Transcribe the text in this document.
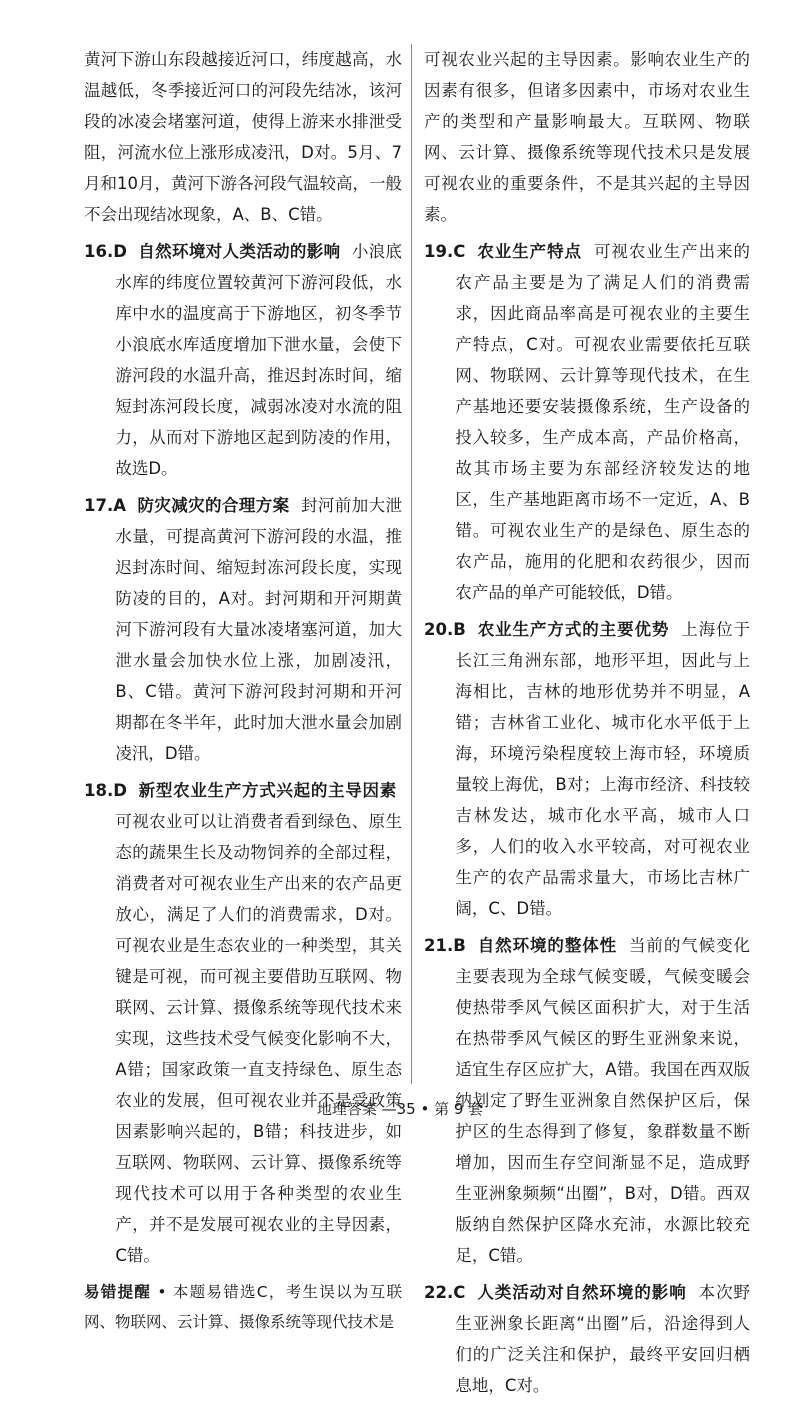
黄河下游山东段越接近河口，纬度越高，水温越低，冬季接近河口的河段先结冰，该河段的冰凌会堵塞河道，使得上游来水排泄受阻，河流水位上涨形成凌汛，D对。5月、7月和10月，黄河下游各河段气温较高，一般不会出现结冰现象，A、B、C错。

16.D 自然环境对人类活动的影响 小浪底水库的纬度位置较黄河下游河段低，水库中水的温度高于下游地区，初冬季节小浪底水库适度增加下泄水量，会使下游河段的水温升高，推迟封冻时间，缩短封冻河段长度，减弱冰凌对水流的阻力，从而对下游地区起到防凌的作用，故选D。

17.A 防灾减灾的合理方案 封河前加大泄水量，可提高黄河下游河段的水温，推迟封冻时间、缩短封冻河段长度，实现防凌的目的，A对。封河期和开河期黄河下游河段有大量冰凌堵塞河道，加大泄水量会加快水位上涨，加剧凌汛，B、C错。黄河下游河段封河期和开河期都在冬半年，此时加大泄水量会加剧凌汛，D错。

18.D 新型农业生产方式兴起的主导因素 可视农业可以让消费者看到绿色、原生态的蔬果生长及动物饲养的全部过程，消费者对可视农业生产出来的农产品更放心，满足了人们的消费需求，D对。可视农业是生态农业的一种类型，其关键是可视，而可视主要借助互联网、物联网、云计算、摄像系统等现代技术来实现，这些技术受气候变化影响不大，A错；国家政策一直支持绿色、原生态农业的发展，但可视农业并不是受政策因素影响兴起的，B错；科技进步，如互联网、物联网、云计算、摄像系统等现代技术可以用于各种类型的农业生产，并不是发展可视农业的主导因素，C错。

易错提醒 • 本题易错选C，考生误以为互联网、物联网、云计算、摄像系统等现代技术是

可视农业兴起的主导因素。影响农业生产的因素有很多，但诸多因素中，市场对农业生产的类型和产量影响最大。互联网、物联网、云计算、摄像系统等现代技术只是发展可视农业的重要条件，不是其兴起的主导因素。

19.C 农业生产特点 可视农业生产出来的农产品主要是为了满足人们的消费需求，因此商品率高是可视农业的主要生产特点，C对。可视农业需要依托互联网、物联网、云计算等现代技术，在生产基地还要安装摄像系统，生产设备的投入较多，生产成本高，产品价格高，故其市场主要为东部经济较发达的地区，生产基地距离市场不一定近，A、B错。可视农业生产的是绿色、原生态的农产品，施用的化肥和农药很少，因而农产品的单产可能较低，D错。

20.B 农业生产方式的主要优势 上海位于长江三角洲东部，地形平坦，因此与上海相比，吉林的地形优势并不明显，A错；吉林省工业化、城市化水平低于上海，环境污染程度较上海市轻，环境质量较上海优，B对；上海市经济、科技较吉林发达，城市化水平高，城市人口多，人们的收入水平较高，对可视农业生产的农产品需求量大，市场比吉林广阔，C、D错。

21.B 自然环境的整体性 当前的气候变化主要表现为全球气候变暖，气候变暖会使热带季风气候区面积扩大，对于生活在热带季风气候区的野生亚洲象来说，适宜生存区应扩大，A错。我国在西双版纳划定了野生亚洲象自然保护区后，保护区的生态得到了修复，象群数量不断增加，因而生存空间渐显不足，造成野生亚洲象频频“出圈”，B对，D错。西双版纳自然保护区降水充沛，水源比较充足，C错。

22.C 人类活动对自然环境的影响 本次野生亚洲象长距离“出圈”后，沿途得到人们的广泛关注和保护，最终平安回归栖息地，C对。

地理答案 —35 • 第 9 套
